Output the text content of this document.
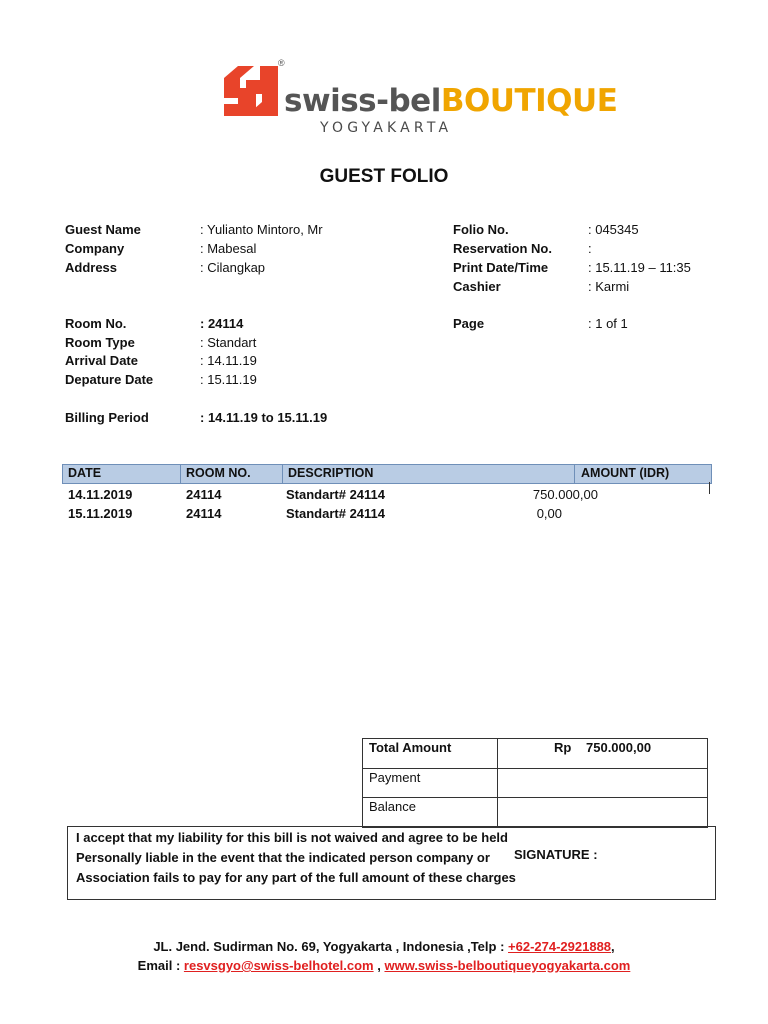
®
swiss-belBOUTIQUE
YOGYAKARTA
GUEST FOLIO
Guest Name	: Yulianto Mintoro, Mr
Company	: Mabesal
Address	: Cilangkap
Folio No.	: 045345
Reservation No.	:
Print Date/Time	: 15.11.19 – 11:35
Cashier	: Karmi
Page	: 1 of 1
Room No.	: 24114
Room Type	: Standart
Arrival Date	: 14.11.19
Depature Date	: 15.11.19
Billing Period	: 14.11.19 to 15.11.19
DATE	ROOM NO.	DESCRIPTION	AMOUNT (IDR)
14.11.2019	24114	Standart# 24114	750.000,00
15.11.2019	24114	Standart# 24114	0,00
Total Amount	Rp 750.000,00
Payment
Balance
I accept that my liability for this bill is not waived and agree to be held
Personally liable in the event that the indicated person company or
Association fails to pay for any part of the full amount of these charges
SIGNATURE :
JL. Jend. Sudirman No. 69, Yogyakarta , Indonesia ,Telp : +62-274-2921888,
Email : resvsgyo@swiss-belhotel.com , www.swiss-belboutiqueyogyakarta.com
